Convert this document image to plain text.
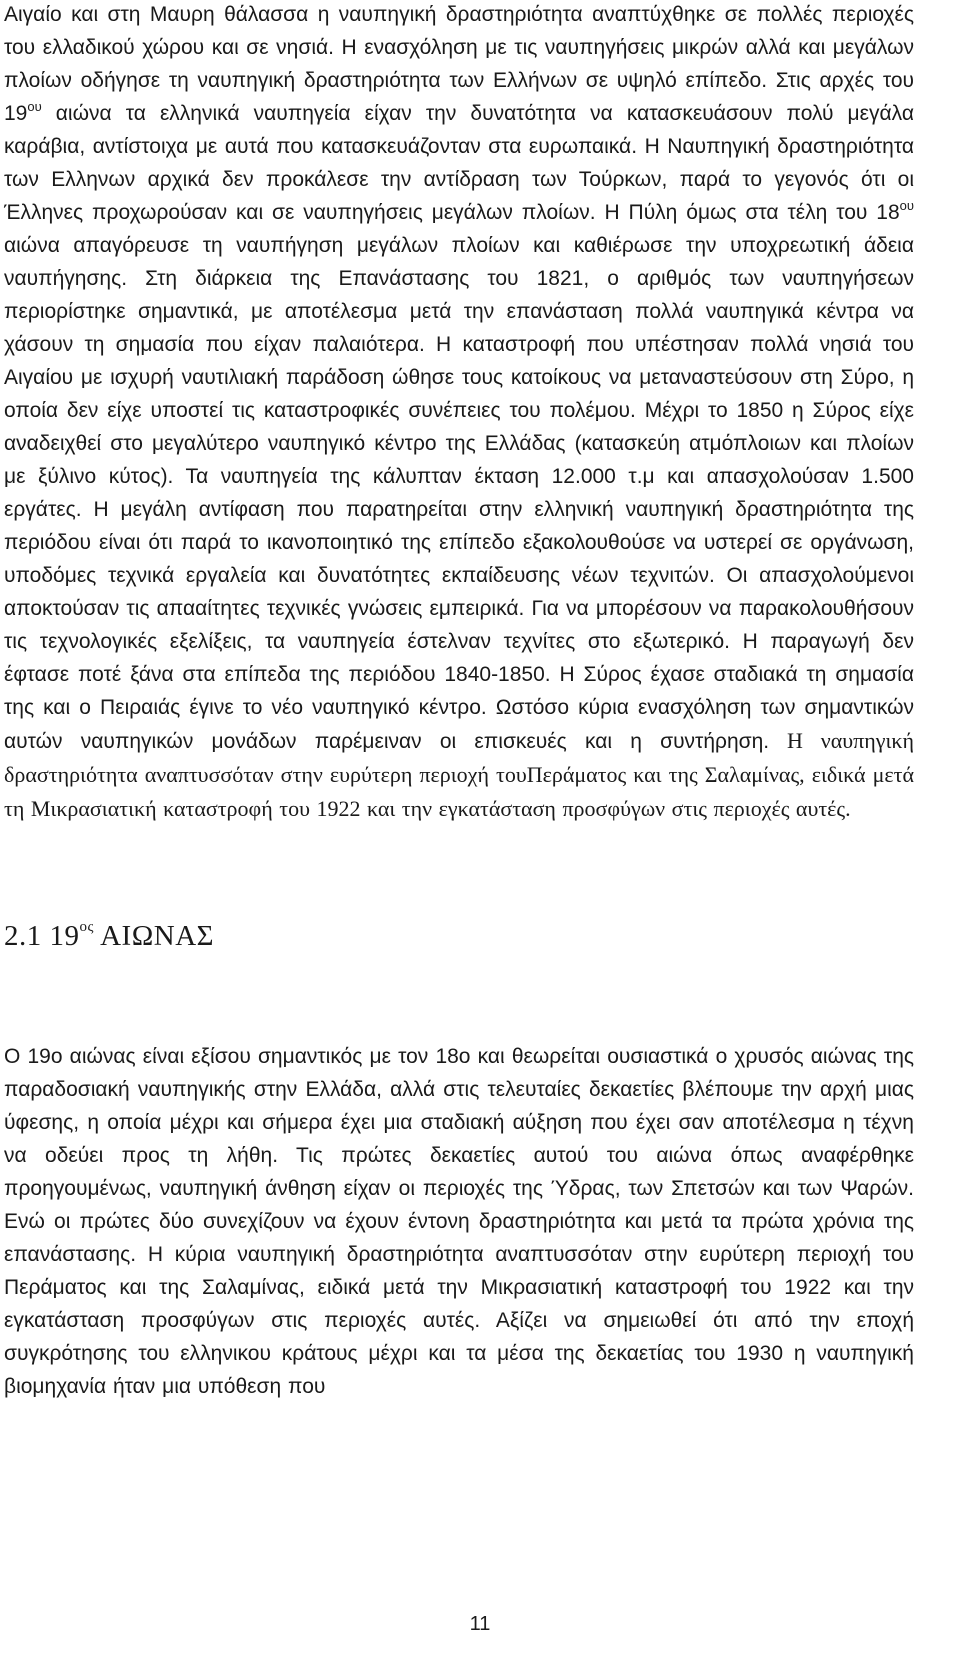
Αιγαίο και στη Μαυρη θάλασσα η ναυπηγική δραστηριότητα αναπτύχθηκε σε πολλές περιοχές του ελλαδικού χώρου και σε νησιά. Η ενασχόληση με τις ναυπηγήσεις μικρών αλλά και μεγάλων πλοίων οδήγησε τη ναυπηγική δραστηριότητα των Ελλήνων σε υψηλό επίπεδο. Στις αρχές του $19^{o\upsilon}$ αιώνα τα ελληνικά ναυπηγεία είχαν την δυνατότητα να κατασκευάσουν πολύ μεγάλα καράβια, αντίστοιχα με αυτά που κατασκευάζονταν στα ευρωπαικά. Η Ναυπηγική δραστηριότητα των Ελληνων αρχικά δεν προκάλεσε την αντίδραση των Τούρκων, παρά το γεγονός ότι οι Έλληνες προχωρούσαν και σε ναυπηγήσεις μεγάλων πλοίων. Η Πύλη όμως στα τέλη του $18^{o\upsilon}$ αιώνα απαγόρευσε τη ναυπήγηση μεγάλων πλοίων και καθιέρωσε την υποχρεωτική άδεια ναυπήγησης. Στη διάρκεια της Επανάστασης του 1821, ο αριθμός των ναυπηγήσεων περιορίστηκε σημαντικά, με αποτέλεσμα μετά την επανάσταση πολλά ναυπηγικά κέντρα να χάσουν τη σημασία που είχαν παλαιότερα. Η καταστροφή που υπέστησαν πολλά νησιά του Αιγαίου με ισχυρή ναυτιλιακή παράδοση ώθησε τους κατοίκους να μεταναστεύσουν στη Σύρο, η οποία δεν είχε υποστεί τις καταστροφικές συνέπειες του πολέμου. Μέχρι το 1850 η Σύρος είχε αναδειχθεί στο μεγαλύτερο ναυπηγικό κέντρο της Ελλάδας (κατασκεύη ατμόπλοιων και πλοίων με ξύλινο κύτος). Τα ναυπηγεία της κάλυπταν έκταση 12.000 τ.μ και απασχολούσαν 1.500 εργάτες. Η μεγάλη αντίφαση που παρατηρείται στην ελληνική ναυπηγική δραστηριότητα της περιόδου είναι ότι παρά το ικανοποιητικό της επίπεδο εξακολουθούσε να υστερεί σε οργάνωση, υποδόμες τεχνικά εργαλεία και δυνατότητες εκπαίδευσης νέων τεχνιτών. Οι απασχολούμενοι αποκτούσαν τις απααίτητες τεχνικές γνώσεις εμπειρικά. Για να μπορέσουν να παρακολουθήσουν τις τεχνολογικές εξελίξεις, τα ναυπηγεία έστελναν τεχνίτες στο εξωτερικό. Η παραγωγή δεν έφτασε ποτέ ξάνα στα επίπεδα της περιόδου 1840-1850. Η Σύρος έχασε σταδιακά τη σημασία της και ο Πειραιάς έγινε το νέο ναυπηγικό κέντρο. Ωστόσο κύρια ενασχόληση των σημαντικών αυτών ναυπηγικών μονάδων παρέμειναν οι επισκευές και η συντήρηση. Η ναυπηγική δραστηριότητα αναπτυσσόταν στην ευρύτερη περιοχή τουΠεράματος και της Σαλαμίνας, ειδικά μετά τη Μικρασιατική καταστροφή του 1922 και την εγκατάσταση προσφύγων στις περιοχές αυτές.

2.1 $19^{o\varsigma}$ ΑΙΩΝΑΣ

Ο 19ο αιώνας είναι εξίσου σημαντικός με τον 18ο και θεωρείται ουσιαστικά ο χρυσός αιώνας της παραδοσιακή ναυπηγικής στην Ελλάδα, αλλά στις τελευταίες δεκαετίες βλέπουμε την αρχή μιας ύφεσης, η οποία μέχρι και σήμερα έχει μια σταδιακή αύξηση που έχει σαν αποτέλεσμα η τέχνη να οδεύει προς τη λήθη. Τις πρώτες δεκαετίες αυτού του αιώνα όπως αναφέρθηκε προηγουμένως, ναυπηγική άνθηση είχαν οι περιοχές της Ύδρας, των Σπετσών και των Ψαρών. Ενώ οι πρώτες δύο συνεχίζουν να έχουν έντονη δραστηριότητα και μετά τα πρώτα χρόνια της επανάστασης. Η κύρια ναυπηγική δραστηριότητα αναπτυσσόταν στην ευρύτερη περιοχή του Περάματος και της Σαλαμίνας, ειδικά μετά την Μικρασιατική καταστροφή του 1922 και την εγκατάσταση προσφύγων στις περιοχές αυτές. Αξίζει να σημειωθεί ότι από την εποχή συγκρότησης του ελληνικου κράτους μέχρι και τα μέσα της δεκαετίας του 1930 η ναυπηγική βιομηχανία ήταν μια υπόθεση που

11
